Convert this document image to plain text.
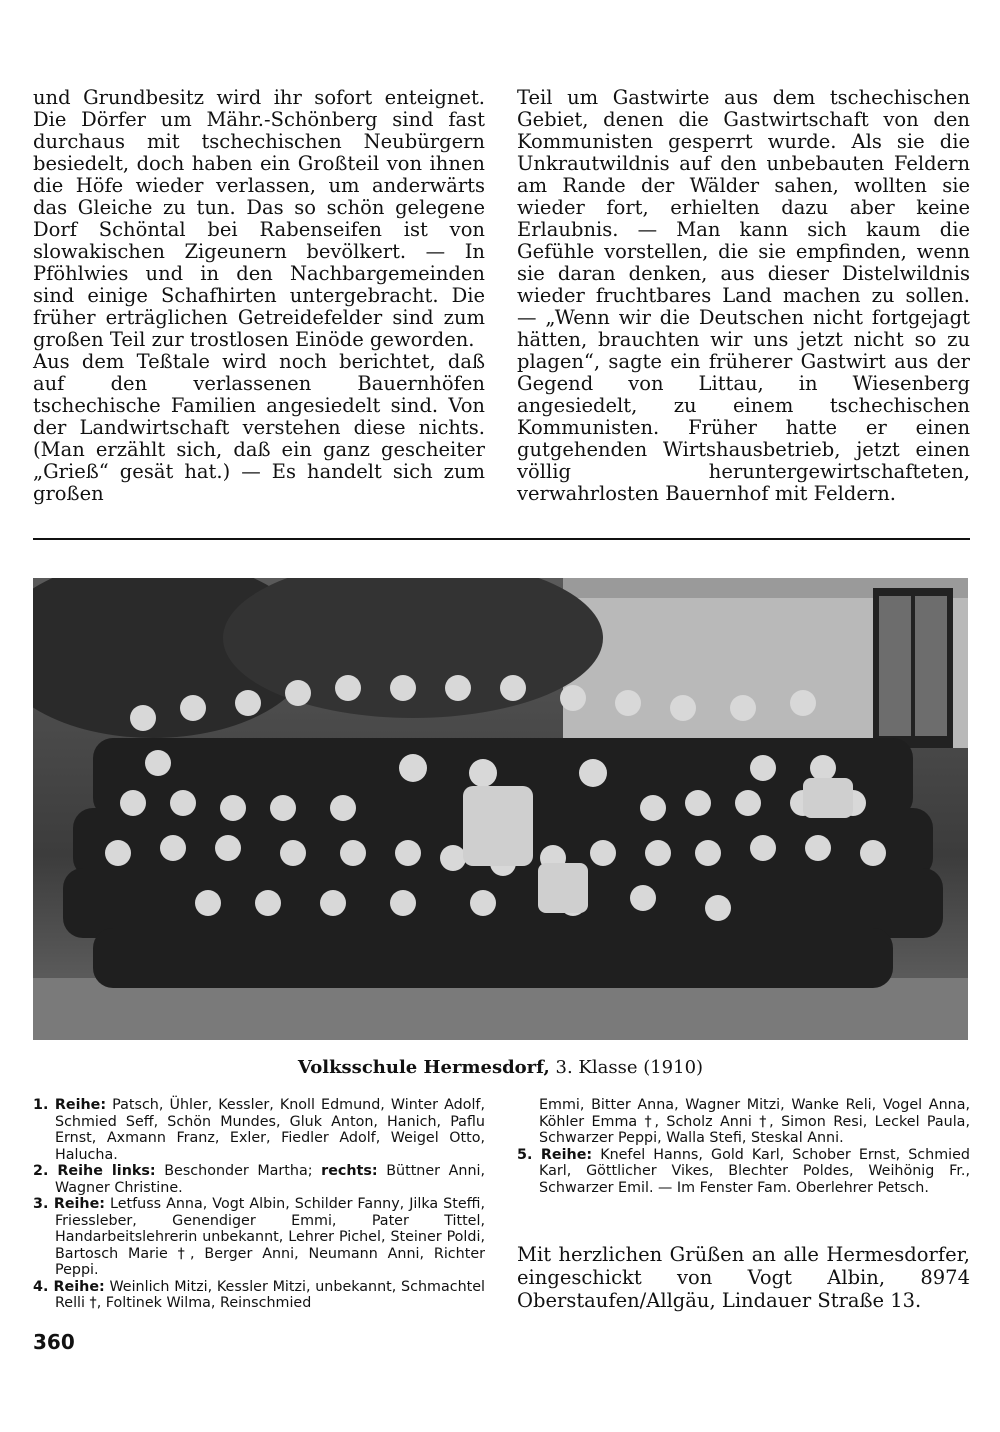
und Grundbesitz wird ihr sofort enteignet. Die Dörfer um Mähr.-Schönberg sind fast durchaus mit tschechischen Neubürgern besiedelt, doch haben ein Großteil von ihnen die Höfe wieder verlassen, um anderwärts das Gleiche zu tun. Das so schön gelegene Dorf Schöntal bei Rabenseifen ist von slowakischen Zigeunern bevölkert. — In Pföhlwies und in den Nachbargemeinden sind einige Schafhirten untergebracht. Die früher erträglichen Getreidefelder sind zum großen Teil zur trostlosen Einöde geworden.

Aus dem Teßtale wird noch berichtet, daß auf den verlassenen Bauernhöfen tschechische Familien angesiedelt sind. Von der Landwirtschaft verstehen diese nichts. (Man erzählt sich, daß ein ganz gescheiter „Grieß“ gesät hat.) — Es handelt sich zum großen

Teil um Gastwirte aus dem tschechischen Gebiet, denen die Gastwirtschaft von den Kommunisten gesperrt wurde. Als sie die Unkrautwildnis auf den unbebauten Feldern am Rande der Wälder sahen, wollten sie wieder fort, erhielten dazu aber keine Erlaubnis. — Man kann sich kaum die Gefühle vorstellen, die sie empfinden, wenn sie daran denken, aus dieser Distelwildnis wieder fruchtbares Land machen zu sollen. — „Wenn wir die Deutschen nicht fortgejagt hätten, brauchten wir uns jetzt nicht so zu plagen“, sagte ein früherer Gastwirt aus der Gegend von Littau, in Wiesenberg angesiedelt, zu einem tschechischen Kommunisten. Früher hatte er einen gutgehenden Wirtshausbetrieb, jetzt einen völlig heruntergewirtschafteten, verwahrlosten Bauernhof mit Feldern.

Volksschule Hermesdorf, 3. Klasse (1910)

1. Reihe: Patsch, Ühler, Kessler, Knoll Edmund, Winter Adolf, Schmied Seff, Schön Mundes, Gluk Anton, Hanich, Paflu Ernst, Axmann Franz, Exler, Fiedler Adolf, Weigel Otto, Halucha.

2. Reihe links: Beschonder Martha; rechts: Büttner Anni, Wagner Christine.

3. Reihe: Letfuss Anna, Vogt Albin, Schilder Fanny, Jilka Steffi, Friessleber, Genendiger Emmi, Pater Tittel, Handarbeitslehrerin unbekannt, Lehrer Pichel, Steiner Poldi, Bartosch Marie †, Berger Anni, Neumann Anni, Richter Peppi.

4. Reihe: Weinlich Mitzi, Kessler Mitzi, unbekannt, Schmachtel Relli †, Foltinek Wilma, Reinschmied

Emmi, Bitter Anna, Wagner Mitzi, Wanke Reli, Vogel Anna, Köhler Emma †, Scholz Anni †, Simon Resi, Leckel Paula, Schwarzer Peppi, Walla Stefi, Steskal Anni.

5. Reihe: Knefel Hanns, Gold Karl, Schober Ernst, Schmied Karl, Göttlicher Vikes, Blechter Poldes, Weihönig Fr., Schwarzer Emil. — Im Fenster Fam. Oberlehrer Petsch.

Mit herzlichen Grüßen an alle Hermesdorfer, eingeschickt von Vogt Albin, 8974 Oberstaufen/Allgäu, Lindauer Straße 13.
360
